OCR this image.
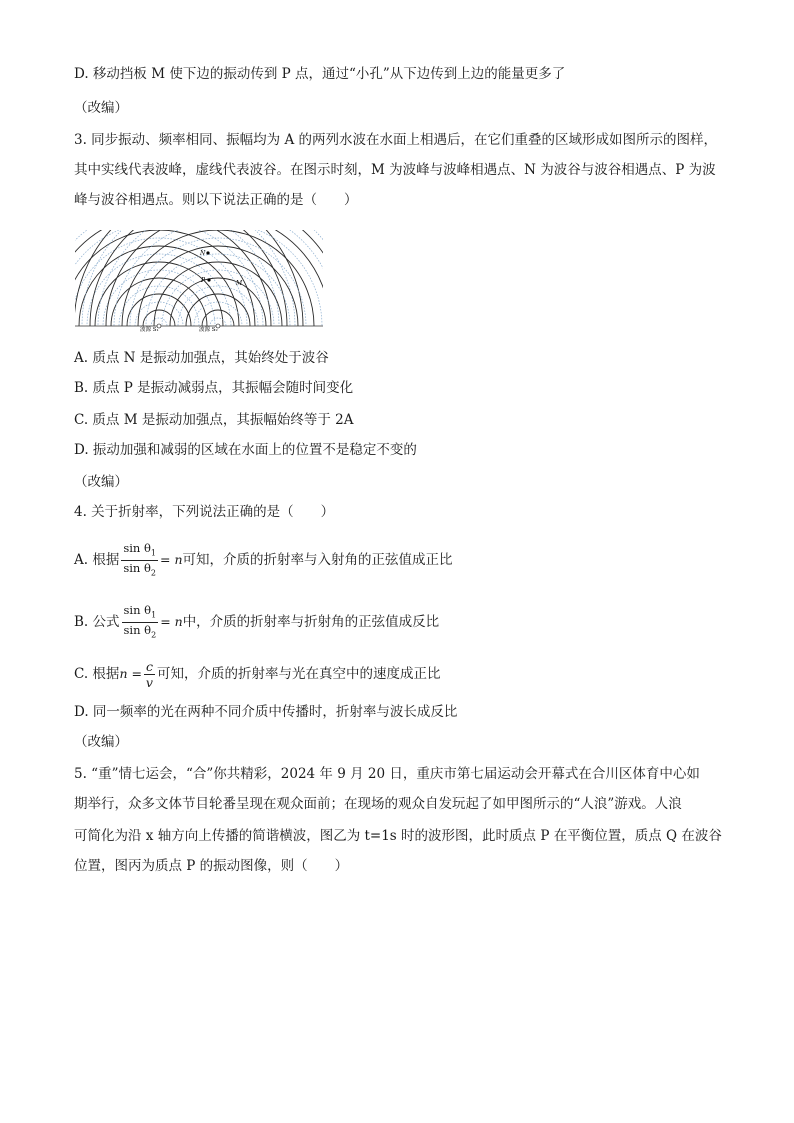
D. 移动挡板 M 使下边的振动传到 P 点，通过“小孔”从下边传到上边的能量更多了
（改编）
3. 同步振动、频率相同、振幅均为 A 的两列水波在水面上相遇后，在它们重叠的区域形成如图所示的图样，
其中实线代表波峰，虚线代表波谷。在图示时刻，M 为波峰与波峰相遇点、N 为波谷与波谷相遇点、P 为波
峰与波谷相遇点。则以下说法正确的是（　　）
N
P	M
波源 S₁	波源 S₂
A. 质点 N 是振动加强点，其始终处于波谷
B. 质点 P 是振动减弱点，其振幅会随时间变化
C. 质点 M 是振动加强点，其振幅始终等于 2A
D. 振动加强和减弱的区域在水面上的位置不是稳定不变的
（改编）
4. 关于折射率，下列说法正确的是（　　）
A. 根据 $\frac{\sin \theta_1}{\sin \theta_2} = n$可知，介质的折射率与入射角的正弦值成正比
B. 公式 $\frac{\sin \theta_1}{\sin \theta_2} = n$中，介质的折射率与折射角的正弦值成反比
C. 根据$n = \frac{c}{v}$ 可知，介质的折射率与光在真空中的速度成正比
D. 同一频率的光在两种不同介质中传播时，折射率与波长成反比
（改编）
5. “重”情七运会，“合”你共精彩，2024 年 9 月 20 日，重庆市第七届运动会开幕式在合川区体育中心如
期举行，众多文体节目轮番呈现在观众面前；在现场的观众自发玩起了如甲图所示的“人浪”游戏。人浪
可简化为沿 x 轴方向上传播的简谐横波，图乙为 t=1s 时的波形图，此时质点 P 在平衡位置，质点 Q 在波谷
位置，图丙为质点 P 的振动图像，则（　　）
